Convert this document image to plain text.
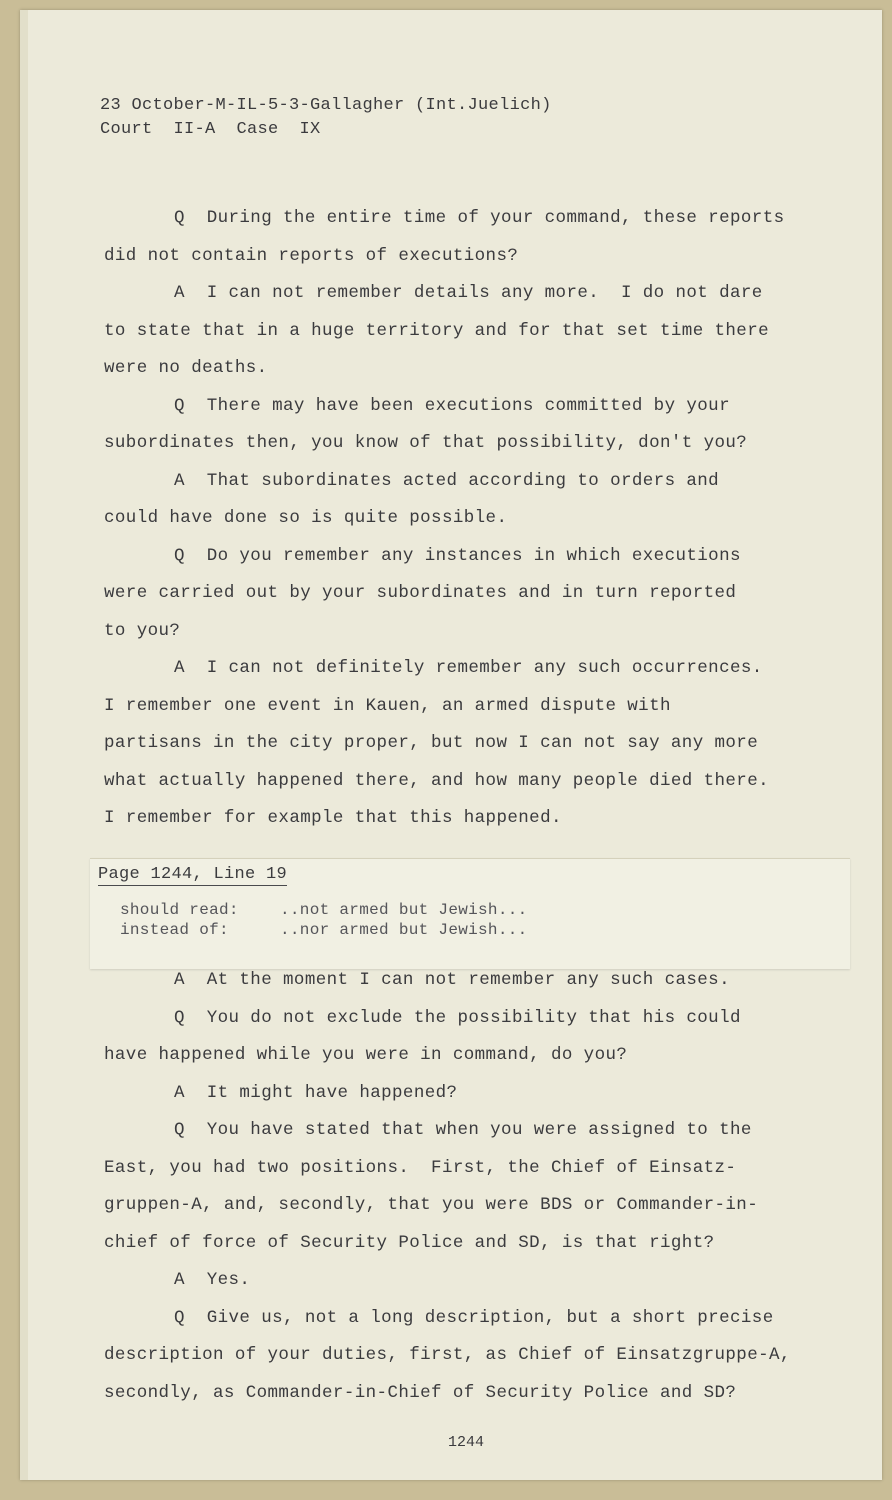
23 October-M-IL-5-3-Gallagher (Int.Juelich)
Court  II-A  Case  IX
Q  During the entire time of your command, these reports
did not contain reports of executions?
A  I can not remember details any more.  I do not dare
to state that in a huge territory and for that set time there
were no deaths.
Q  There may have been executions committed by your
subordinates then, you know of that possibility, don't you?
A  That subordinates acted according to orders and
could have done so is quite possible.
Q  Do you remember any instances in which executions
were carried out by your subordinates and in turn reported
to you?
A  I can not definitely remember any such occurrences.
I remember one event in Kauen, an armed dispute with
partisans in the city proper, but now I can not say any more
what actually happened there, and how many people died there.
I remember for example that this happened.
Page 1244, Line 19
should read:	..not armed but Jewish...
instead of:	..nor armed but Jewish...
A  At the moment I can not remember any such cases.
Q  You do not exclude the possibility that his could
have happened while you were in command, do you?
A  It might have happened?
Q  You have stated that when you were assigned to the
East, you had two positions.  First, the Chief of Einsatz-
gruppen-A, and, secondly, that you were BDS or Commander-in-
chief of force of Security Police and SD, is that right?
A  Yes.
Q  Give us, not a long description, but a short precise
description of your duties, first, as Chief of Einsatzgruppe-A,
secondly, as Commander-in-Chief of Security Police and SD?
1244
